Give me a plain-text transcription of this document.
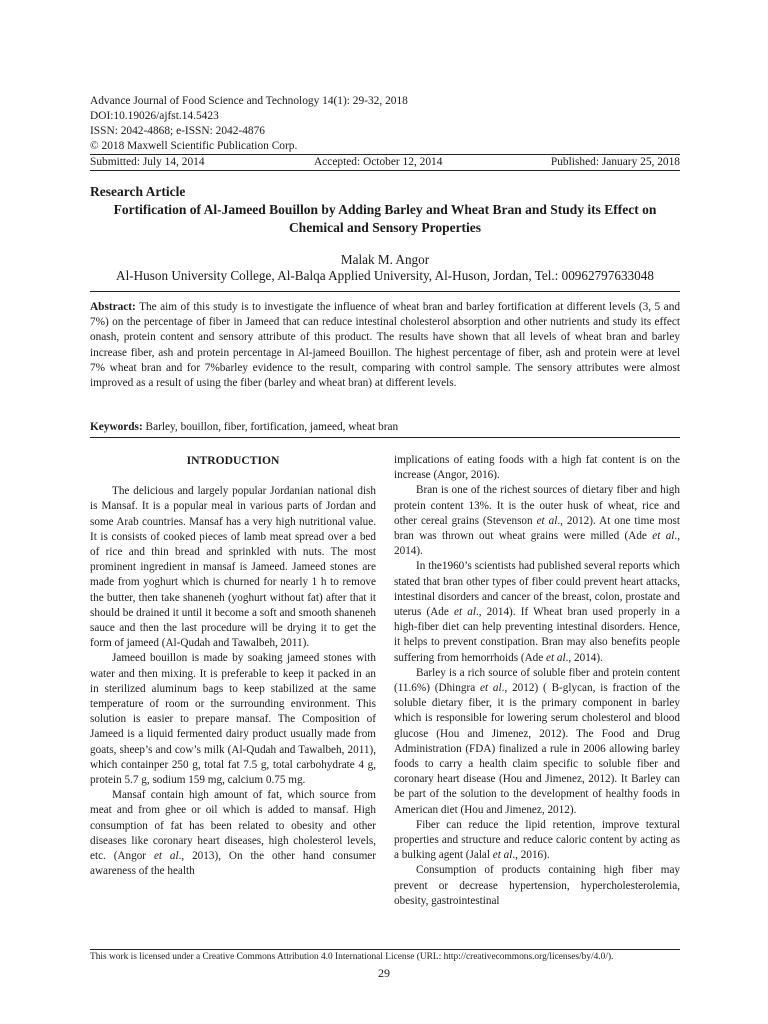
Advance Journal of Food Science and Technology 14(1): 29-32, 2018
DOI:10.19026/ajfst.14.5423
ISSN: 2042-4868; e-ISSN: 2042-4876
© 2018 Maxwell Scientific Publication Corp.
Submitted: July 14, 2014	Accepted: October 12, 2014	Published: January 25, 2018
Research Article
Fortification of Al-Jameed Bouillon by Adding Barley and Wheat Bran and Study its Effect on Chemical and Sensory Properties
Malak M. Angor
Al-Huson University College, Al-Balqa Applied University, Al-Huson, Jordan, Tel.: 00962797633048
Abstract: The aim of this study is to investigate the influence of wheat bran and barley fortification at different levels (3, 5 and 7%) on the percentage of fiber in Jameed that can reduce intestinal cholesterol absorption and other nutrients and study its effect onash, protein content and sensory attribute of this product. The results have shown that all levels of wheat bran and barley increase fiber, ash and protein percentage in Al-jameed Bouillon. The highest percentage of fiber, ash and protein were at level 7% wheat bran and for 7%barley evidence to the result, comparing with control sample. The sensory attributes were almost improved as a result of using the fiber (barley and wheat bran) at different levels.
Keywords: Barley, bouillon, fiber, fortification, jameed, wheat bran
INTRODUCTION

The delicious and largely popular Jordanian national dish is Mansaf. It is a popular meal in various parts of Jordan and some Arab countries. Mansaf has a very high nutritional value. It is consists of cooked pieces of lamb meat spread over a bed of rice and thin bread and sprinkled with nuts. The most prominent ingredient in mansaf is Jameed. Jameed stones are made from yoghurt which is churned for nearly 1 h to remove the butter, then take shaneneh (yoghurt without fat) after that it should be drained it until it become a soft and smooth shaneneh sauce and then the last procedure will be drying it to get the form of jameed (Al-Qudah and Tawalbeh, 2011).

Jameed bouillon is made by soaking jameed stones with water and then mixing. It is preferable to keep it packed in an in sterilized aluminum bags to keep stabilized at the same temperature of room or the surrounding environment. This solution is easier to prepare mansaf. The Composition of Jameed is a liquid fermented dairy product usually made from goats, sheep’s and cow’s milk (Al-Qudah and Tawalbeh, 2011), which containper 250 g, total fat 7.5 g, total carbohydrate 4 g, protein 5.7 g, sodium 159 mg, calcium 0.75 mg.

Mansaf contain high amount of fat, which source from meat and from ghee or oil which is added to mansaf. High consumption of fat has been related to obesity and other diseases like coronary heart diseases, high cholesterol levels, etc. (Angor et al., 2013), On the other hand consumer awareness of the health

implications of eating foods with a high fat content is on the increase (Angor, 2016).

Bran is one of the richest sources of dietary fiber and high protein content 13%. It is the outer husk of wheat, rice and other cereal grains (Stevenson et al., 2012). At one time most bran was thrown out wheat grains were milled (Ade et al., 2014).

In the1960’s scientists had published several reports which stated that bran other types of fiber could prevent heart attacks, intestinal disorders and cancer of the breast, colon, prostate and uterus (Ade et al., 2014). If Wheat bran used properly in a high-fiber diet can help preventing intestinal disorders. Hence, it helps to prevent constipation. Bran may also benefits people suffering from hemorrhoids (Ade et al., 2014).

Barley is a rich source of soluble fiber and protein content (11.6%) (Dhingra et al., 2012) ( B-glycan, is fraction of the soluble dietary fiber, it is the primary component in barley which is responsible for lowering serum cholesterol and blood glucose (Hou and Jimenez, 2012). The Food and Drug Administration (FDA) finalized a rule in 2006 allowing barley foods to carry a health claim specific to soluble fiber and coronary heart disease (Hou and Jimenez, 2012). It Barley can be part of the solution to the development of healthy foods in American diet (Hou and Jimenez, 2012).

Fiber can reduce the lipid retention, improve textural properties and structure and reduce caloric content by acting as a bulking agent (Jalal et al., 2016).

Consumption of products containing high fiber may prevent or decrease hypertension, hypercholesterolemia, obesity, gastrointestinal

This work is licensed under a Creative Commons Attribution 4.0 International License (URL: http://creativecommons.org/licenses/by/4.0/).
29
